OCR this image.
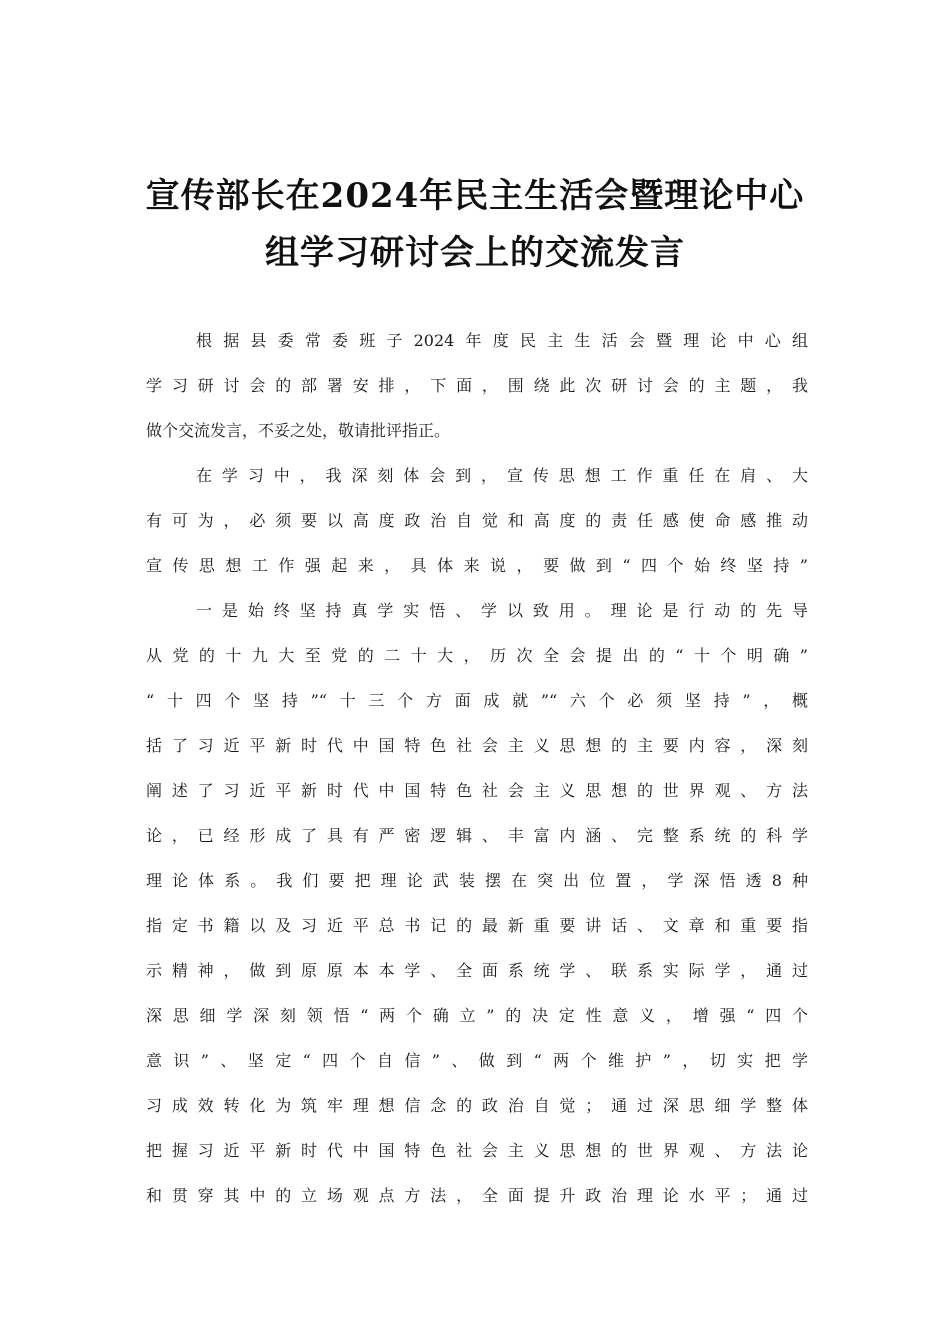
宣传部长在2024年民主生活会暨理论中心
组学习研讨会上的交流发言
根据县委常委班子2024年度民主生活会暨理论中心组
学习研讨会的部署安排，下面，围绕此次研讨会的主题，我
做个交流发言，不妥之处，敬请批评指正。
在学习中，我深刻体会到，宣传思想工作重任在肩、大
有可为，必须要以高度政治自觉和高度的责任感使命感推动
宣传思想工作强起来，具体来说，要做到“四个始终坚持”
一是始终坚持真学实悟、学以致用。理论是行动的先导
从党的十九大至党的二十大，历次全会提出的“十个明确”
“十四个坚持”“十三个方面成就”“六个必须坚持”，概
括了习近平新时代中国特色社会主义思想的主要内容，深刻
阐述了习近平新时代中国特色社会主义思想的世界观、方法
论，已经形成了具有严密逻辑、丰富内涵、完整系统的科学
理论体系。我们要把理论武装摆在突出位置，学深悟透8种
指定书籍以及习近平总书记的最新重要讲话、文章和重要指
示精神，做到原原本本学、全面系统学、联系实际学，通过
深思细学深刻领悟“两个确立”的决定性意义，增强“四个
意识”、坚定“四个自信”、做到“两个维护”，切实把学
习成效转化为筑牢理想信念的政治自觉；通过深思细学整体
把握习近平新时代中国特色社会主义思想的世界观、方法论
和贯穿其中的立场观点方法，全面提升政治理论水平；通过
